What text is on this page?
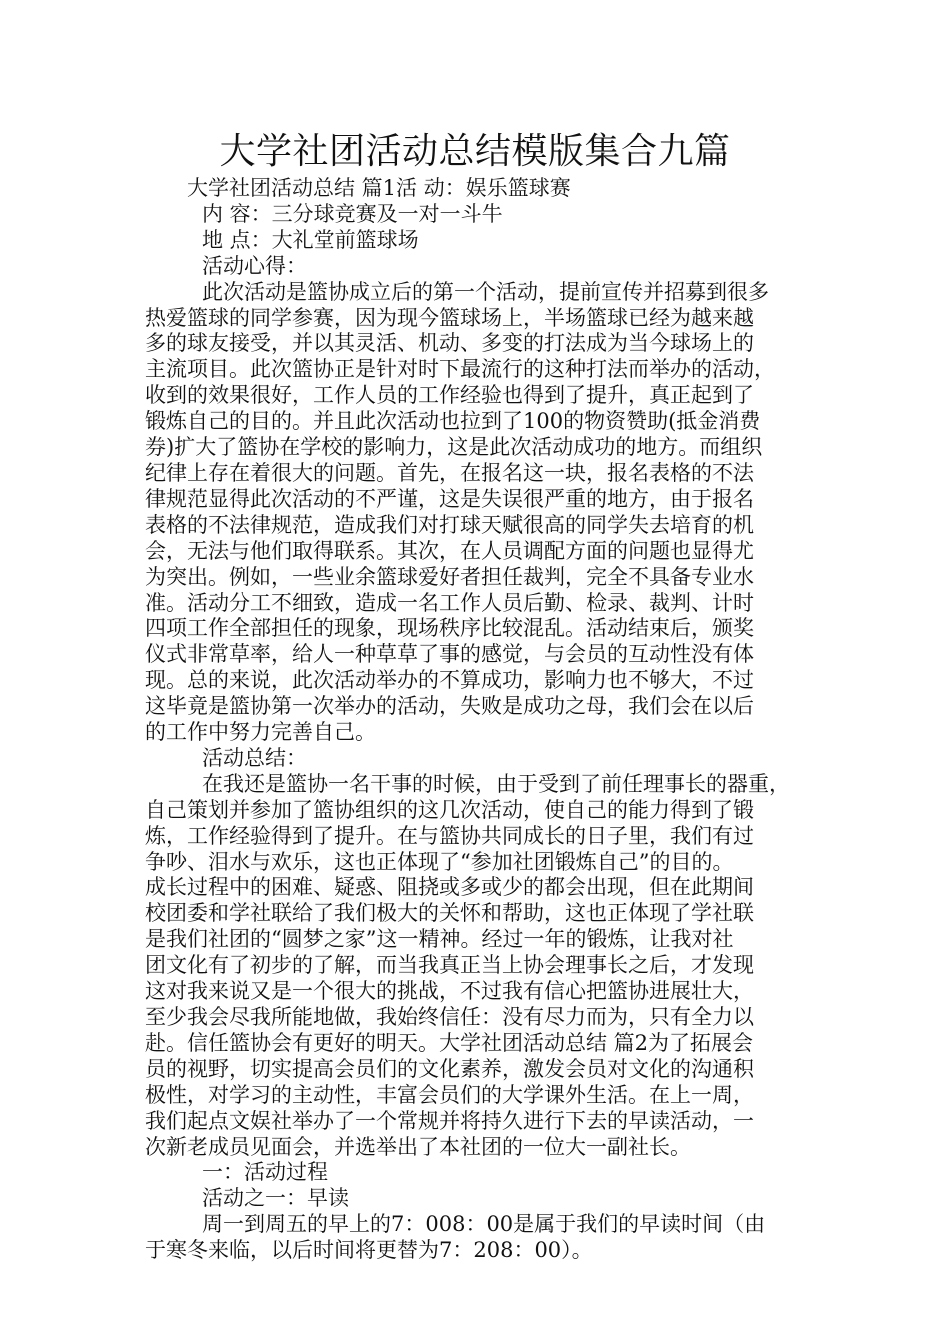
大学社团活动总结模版集合九篇
大学社团活动总结 篇1活 动：娱乐篮球赛
内 容：三分球竞赛及一对一斗牛
地 点：大礼堂前篮球场
活动心得：
此次活动是篮协成立后的第一个活动，提前宣传并招募到很多
热爱篮球的同学参赛，因为现今篮球场上，半场篮球已经为越来越
多的球友接受，并以其灵活、机动、多变的打法成为当今球场上的
主流项目。此次篮协正是针对时下最流行的这种打法而举办的活动，
收到的效果很好，工作人员的工作经验也得到了提升，真正起到了
锻炼自己的目的。并且此次活动也拉到了100的物资赞助(抵金消费
券)扩大了篮协在学校的影响力，这是此次活动成功的地方。而组织
纪律上存在着很大的问题。首先，在报名这一块，报名表格的不法
律规范显得此次活动的不严谨，这是失误很严重的地方，由于报名
表格的不法律规范，造成我们对打球天赋很高的同学失去培育的机
会，无法与他们取得联系。其次，在人员调配方面的问题也显得尤
为突出。例如，一些业余篮球爱好者担任裁判，完全不具备专业水
准。活动分工不细致，造成一名工作人员后勤、检录、裁判、计时
四项工作全部担任的现象，现场秩序比较混乱。活动结束后，颁奖
仪式非常草率，给人一种草草了事的感觉，与会员的互动性没有体
现。总的来说，此次活动举办的不算成功，影响力也不够大，不过
这毕竟是篮协第一次举办的活动，失败是成功之母，我们会在以后
的工作中努力完善自己。
活动总结：
在我还是篮协一名干事的时候，由于受到了前任理事长的器重，
自己策划并参加了篮协组织的这几次活动，使自己的能力得到了锻
炼，工作经验得到了提升。在与篮协共同成长的日子里，我们有过
争吵、泪水与欢乐，这也正体现了“参加社团锻炼自己”的目的。
成长过程中的困难、疑惑、阻挠或多或少的都会出现，但在此期间
校团委和学社联给了我们极大的关怀和帮助，这也正体现了学社联
是我们社团的“圆梦之家”这一精神。经过一年的锻炼，让我对社
团文化有了初步的了解，而当我真正当上协会理事长之后，才发现
这对我来说又是一个很大的挑战，不过我有信心把篮协进展壮大，
至少我会尽我所能地做，我始终信任：没有尽力而为，只有全力以
赴。信任篮协会有更好的明天。大学社团活动总结 篇2为了拓展会
员的视野，切实提高会员们的文化素养，激发会员对文化的沟通积
极性，对学习的主动性，丰富会员们的大学课外生活。在上一周，
我们起点文娱社举办了一个常规并将持久进行下去的早读活动，一
次新老成员见面会，并选举出了本社团的一位大一副社长。
一：活动过程
活动之一：早读
周一到周五的早上的7：008：00是属于我们的早读时间（由
于寒冬来临，以后时间将更替为7：208：00）。
